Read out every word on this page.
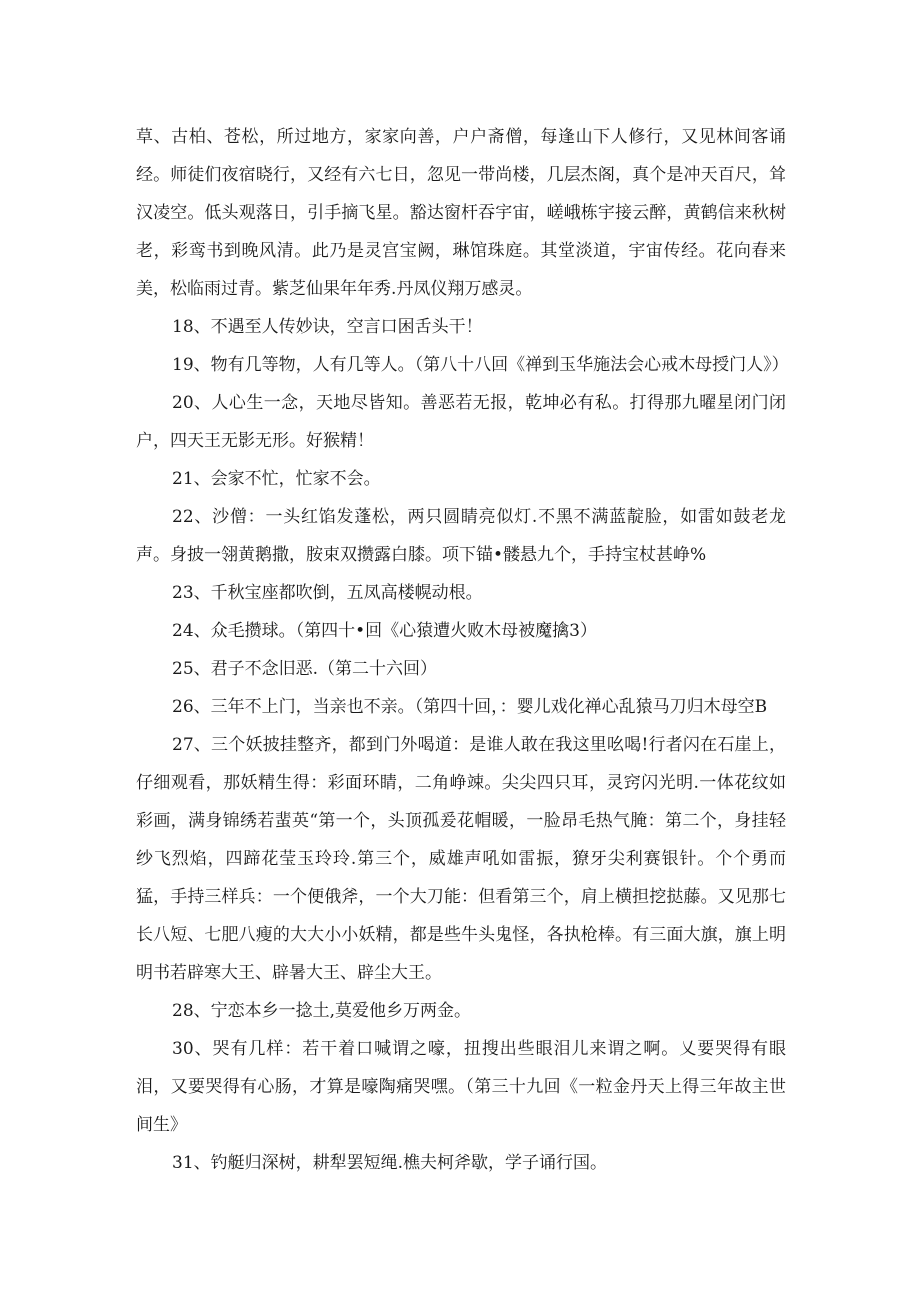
草、古柏、苍松，所过地方，家家向善，户户斋僧，每逢山下人修行，又见林间客诵经。师徒们夜宿晓行，又经有六七日，忽见一带尚楼，几层杰阁，真个是冲天百尺，耸汉凌空。低头观落日，引手摘飞星。豁达窗杆吞宇宙，嵯峨栋宇接云醉，黄鹤信来秋树老，彩鸾书到晚风清。此乃是灵宫宝阙，琳馆珠庭。其堂淡道，宇宙传经。花向春来美，松临雨过青。紫芝仙果年年秀.丹凤仪翔万感灵。

18、不遇至人传妙诀，空言口困舌头干！

19、物有几等物，人有几等人。（第八十八回《禅到玉华施法会心戒木母授门人》）

20、人心生一念，天地尽皆知。善恶若无报，乾坤必有私。打得那九曜星闭门闭户，四天王无影无形。好猴精！

21、会家不忙，忙家不会。

22、沙僧：一头红馅发蓬松，两只圆睛亮似灯.不黑不满蓝靛脸，如雷如鼓老龙声。身披一翎黄鹅撒，胺束双攒露白膝。项下锚•髅悬九个，手持宝杖甚峥%

23、千秋宝座都吹倒，五凤高楼幌动根。

24、众毛攒球。（第四十•回《心猿遭火败木母被魔擒3）

25、君子不念旧恶.（第二十六回）

26、三年不上门，当亲也不亲。（第四十回，：婴儿戏化禅心乱猿马刀归木母空B

27、三个妖披挂整齐，都到门外喝道：是谁人敢在我这里吆喝!行者闪在石崖上，仔细观看，那妖精生得：彩面环睛，二角峥竦。尖尖四只耳，灵窍闪光明.一体花纹如彩画，满身锦绣若蜚英“第一个，头顶孤爰花帽暖，一脸昂毛热气腌：第二个，身挂轻纱飞烈焰，四蹄花莹玉玲玲.第三个，威雄声吼如雷振，獠牙尖利赛银针。个个勇而猛，手持三样兵：一个便俄斧，一个大刀能：但看第三个，肩上横担挖挞藤。又见那七长八短、七肥八瘦的大大小小妖精，都是些牛头鬼怪，各执枪棒。有三面大旗，旗上明明书若辟寒大王、辟暑大王、辟尘大王。

28、宁恋本乡一捻土,莫爱他乡万两金。

30、哭有几样：若干着口喊谓之嚎，扭搜出些眼泪儿来谓之啊。乂要哭得有眼泪，又要哭得有心肠，才算是嚎陶痛哭嘿。（第三十九回《一粒金丹天上得三年故主世间生》

31、钓艇归深树，耕犁罢短绳.樵夫柯斧歇，学子诵行国。
